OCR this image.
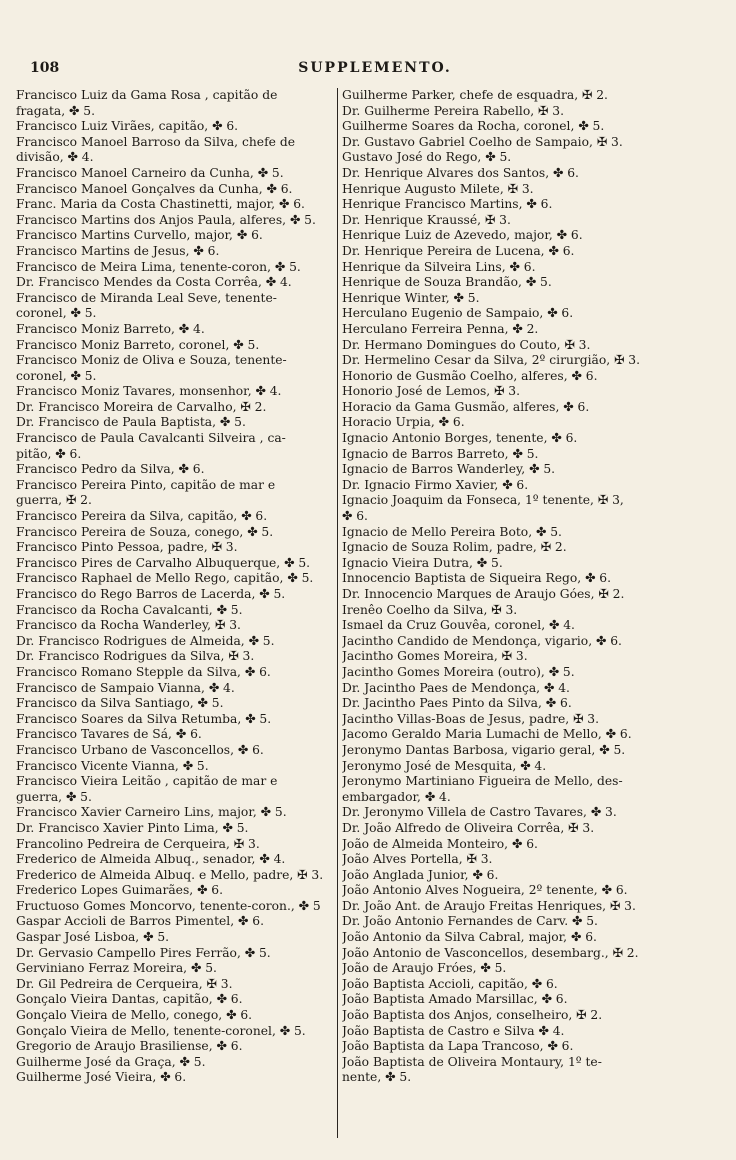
108	SUPPLEMENTO.
Francisco Luiz da Gama Rosa , capitão de
fragata, ✤ 5.
Francisco Luiz Virães, capitão, ✤ 6.
Francisco Manoel Barroso da Silva, chefe de
divisão, ✤ 4.
Francisco Manoel Carneiro da Cunha, ✤ 5.
Francisco Manoel Gonçalves da Cunha, ✤ 6.
Franc. Maria da Costa Chastinetti, major, ✤ 6.
Francisco Martins dos Anjos Paula, alferes, ✤ 5.
Francisco Martins Curvello, major, ✤ 6.
Francisco Martins de Jesus, ✤ 6.
Francisco de Meira Lima, tenente-coron, ✤ 5.
Dr. Francisco Mendes da Costa Corrêa, ✤ 4.
Francisco de Miranda Leal Seve, tenente-
coronel, ✤ 5.
Francisco Moniz Barreto, ✤ 4.
Francisco Moniz Barreto, coronel, ✤ 5.
Francisco Moniz de Oliva e Souza, tenente-
coronel, ✤ 5.
Francisco Moniz Tavares, monsenhor, ✤ 4.
Dr. Francisco Moreira de Carvalho, ✠ 2.
Dr. Francisco de Paula Baptista, ✤ 5.
Francisco de Paula Cavalcanti Silveira , ca-
pitão, ✤ 6.
Francisco Pedro da Silva, ✤ 6.
Francisco Pereira Pinto, capitão de mar e
guerra, ✠ 2.
Francisco Pereira da Silva, capitão, ✤ 6.
Francisco Pereira de Souza, conego, ✤ 5.
Francisco Pinto Pessoa, padre, ✠ 3.
Francisco Pires de Carvalho Albuquerque, ✤ 5.
Francisco Raphael de Mello Rego, capitão, ✤ 5.
Francisco do Rego Barros de Lacerda, ✤ 5.
Francisco da Rocha Cavalcanti, ✤ 5.
Francisco da Rocha Wanderley, ✠ 3.
Dr. Francisco Rodrigues de Almeida, ✤ 5.
Dr. Francisco Rodrigues da Silva, ✠ 3.
Francisco Romano Stepple da Silva, ✤ 6.
Francisco de Sampaio Vianna, ✤ 4.
Francisco da Silva Santiago, ✤ 5.
Francisco Soares da Silva Retumba, ✤ 5.
Francisco Tavares de Sá, ✤ 6.
Francisco Urbano de Vasconcellos, ✤ 6.
Francisco Vicente Vianna, ✤ 5.
Francisco Vieira Leitão , capitão de mar e
guerra, ✤ 5.
Francisco Xavier Carneiro Lins, major, ✤ 5.
Dr. Francisco Xavier Pinto Lima, ✤ 5.
Francolino Pedreira de Cerqueira, ✠ 3.
Frederico de Almeida Albuq., senador, ✤ 4.
Frederico de Almeida Albuq. e Mello, padre, ✠ 3.
Frederico Lopes Guimarães, ✤ 6.
Fructuoso Gomes Moncorvo, tenente-coron., ✤ 5
Gaspar Accioli de Barros Pimentel, ✤ 6.
Gaspar José Lisboa, ✤ 5.
Dr. Gervasio Campello Pires Ferrão, ✤ 5.
Gerviniano Ferraz Moreira, ✤ 5.
Dr. Gil Pedreira de Cerqueira, ✠ 3.
Gonçalo Vieira Dantas, capitão, ✤ 6.
Gonçalo Vieira de Mello, conego, ✤ 6.
Gonçalo Vieira de Mello, tenente-coronel, ✤ 5.
Gregorio de Araujo Brasiliense, ✤ 6.
Guilherme José da Graça, ✤ 5.
Guilherme José Vieira, ✤ 6.
Guilherme Parker, chefe de esquadra, ✠ 2.
Dr. Guilherme Pereira Rabello, ✠ 3.
Guilherme Soares da Rocha, coronel, ✤ 5.
Dr. Gustavo Gabriel Coelho de Sampaio, ✠ 3.
Gustavo José do Rego, ✤ 5.
Dr. Henrique Alvares dos Santos, ✤ 6.
Henrique Augusto Milete, ✠ 3.
Henrique Francisco Martins, ✤ 6.
Dr. Henrique Kraussé, ✠ 3.
Henrique Luiz de Azevedo, major, ✤ 6.
Dr. Henrique Pereira de Lucena, ✤ 6.
Henrique da Silveira Lins, ✤ 6.
Henrique de Souza Brandão, ✤ 5.
Henrique Winter, ✤ 5.
Herculano Eugenio de Sampaio, ✤ 6.
Herculano Ferreira Penna, ✤ 2.
Dr. Hermano Domingues do Couto, ✠ 3.
Dr. Hermelino Cesar da Silva, 2º cirurgião, ✠ 3.
Honorio de Gusmão Coelho, alferes, ✤ 6.
Honorio José de Lemos, ✠ 3.
Horacio da Gama Gusmão, alferes, ✤ 6.
Horacio Urpia, ✤ 6.
Ignacio Antonio Borges, tenente, ✤ 6.
Ignacio de Barros Barreto, ✤ 5.
Ignacio de Barros Wanderley, ✤ 5.
Dr. Ignacio Firmo Xavier, ✤ 6.
Ignacio Joaquim da Fonseca, 1º tenente, ✠ 3,
✤ 6.
Ignacio de Mello Pereira Boto, ✤ 5.
Ignacio de Souza Rolim, padre, ✠ 2.
Ignacio Vieira Dutra, ✤ 5.
Innocencio Baptista de Siqueira Rego, ✤ 6.
Dr. Innocencio Marques de Araujo Góes, ✠ 2.
Irenêo Coelho da Silva, ✠ 3.
Ismael da Cruz Gouvêa, coronel, ✤ 4.
Jacintho Candido de Mendonça, vigario, ✤ 6.
Jacintho Gomes Moreira, ✠ 3.
Jacintho Gomes Moreira (outro), ✤ 5.
Dr. Jacintho Paes de Mendonça, ✤ 4.
Dr. Jacintho Paes Pinto da Silva, ✤ 6.
Jacintho Villas-Boas de Jesus, padre, ✠ 3.
Jacomo Geraldo Maria Lumachi de Mello, ✤ 6.
Jeronymo Dantas Barbosa, vigario geral, ✤ 5.
Jeronymo José de Mesquita, ✤ 4.
Jeronymo Martiniano Figueira de Mello, des-
embargador, ✤ 4.
Dr. Jeronymo Villela de Castro Tavares, ✤ 3.
Dr. João Alfredo de Oliveira Corrêa, ✠ 3.
João de Almeida Monteiro, ✤ 6.
João Alves Portella, ✠ 3.
João Anglada Junior, ✤ 6.
João Antonio Alves Nogueira, 2º tenente, ✤ 6.
Dr. João Ant. de Araujo Freitas Henriques, ✠ 3.
Dr. João Antonio Fernandes de Carv. ✤ 5.
João Antonio da Silva Cabral, major, ✤ 6.
João Antonio de Vasconcellos, desembarg., ✠ 2.
João de Araujo Fróes, ✤ 5.
João Baptista Accioli, capitão, ✤ 6.
João Baptista Amado Marsillac, ✤ 6.
João Baptista dos Anjos, conselheiro, ✠ 2.
João Baptista de Castro e Silva ✤ 4.
João Baptista da Lapa Trancoso, ✤ 6.
João Baptista de Oliveira Montaury, 1º te-
nente, ✤ 5.
